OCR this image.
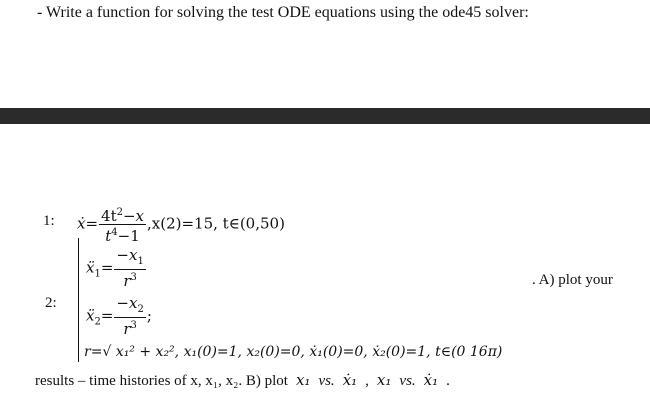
- Write a function for solving the test ODE equations using the ode45 solver:
1: ẋ= $\frac{4t^2-x}{t^4-1} ,x(2)=15$, t∈(0,50)
2:
ẍ$_1$= $\frac{-x_1}{r^3}$
ẍ$_2$= $\frac{-x_2}{r^3}$ ;
r=√ x₁² + x₂², x₁(0)=1, x₂(0)=0, ẋ₁(0)=0, ẋ₂(0)=1, t∈(0 16π)
. A) plot your
results – time histories of x, x₁, x₂. B) plot x₁ vs. ẋ₁ , x₁ vs. ẋ₁ .
